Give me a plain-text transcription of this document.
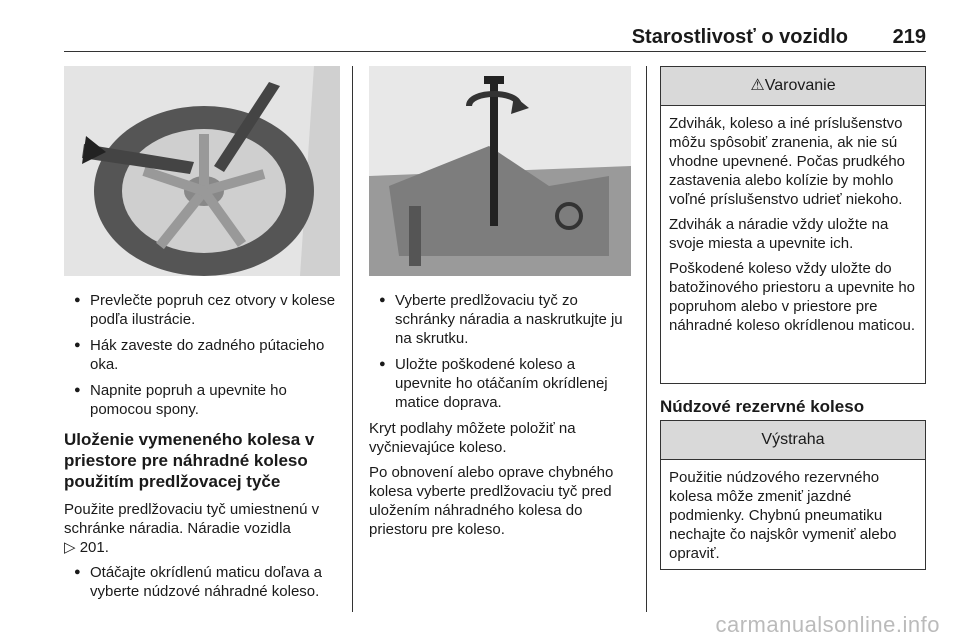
Starostlivosť o vozidlo 219
● Prevlečte popruh cez otvory v kolese podľa ilustrácie.
● Hák zaveste do zadného pútacieho oka.
● Napnite popruh a upevnite ho pomocou spony.
Uloženie vymeneného kolesa v priestore pre náhradné koleso použitím predlžovacej tyče

Použite predlžovaciu tyč umiestnenú v schránke náradia. Náradie vozidla
▷ 201.

● Otáčajte okrídlenú maticu doľava a vyberte núdzové náhradné koleso.
● Vyberte predlžovaciu tyč zo schránky náradia a naskrutkujte ju na skrutku.
● Uložte poškodené koleso a upevnite ho otáčaním okrídlenej matice doprava.

Kryt podlahy môžete položiť na vyčnievajúce koleso.

Po obnovení alebo oprave chybného kolesa vyberte predlžovaciu tyč pred uložením náhradného kolesa do priestoru pre koleso.

⚠Varovanie

Zdvihák, koleso a iné príslušenstvo môžu spôsobiť zranenia, ak nie sú vhodne upevnené. Počas prudkého zastavenia alebo kolízie by mohlo voľné príslušenstvo udrieť niekoho.

Zdvihák a náradie vždy uložte na svoje miesta a upevnite ich.

Poškodené koleso vždy uložte do batožinového priestoru a upevnite ho popruhom alebo v priestore pre náhradné koleso okrídlenou maticou.

Núdzové rezervné koleso
Výstraha
Použitie núdzového rezervného kolesa môže zmeniť jazdné podmienky. Chybnú pneumatiku nechajte čo najskôr vymeniť alebo opraviť.
carmanualsonline.info
